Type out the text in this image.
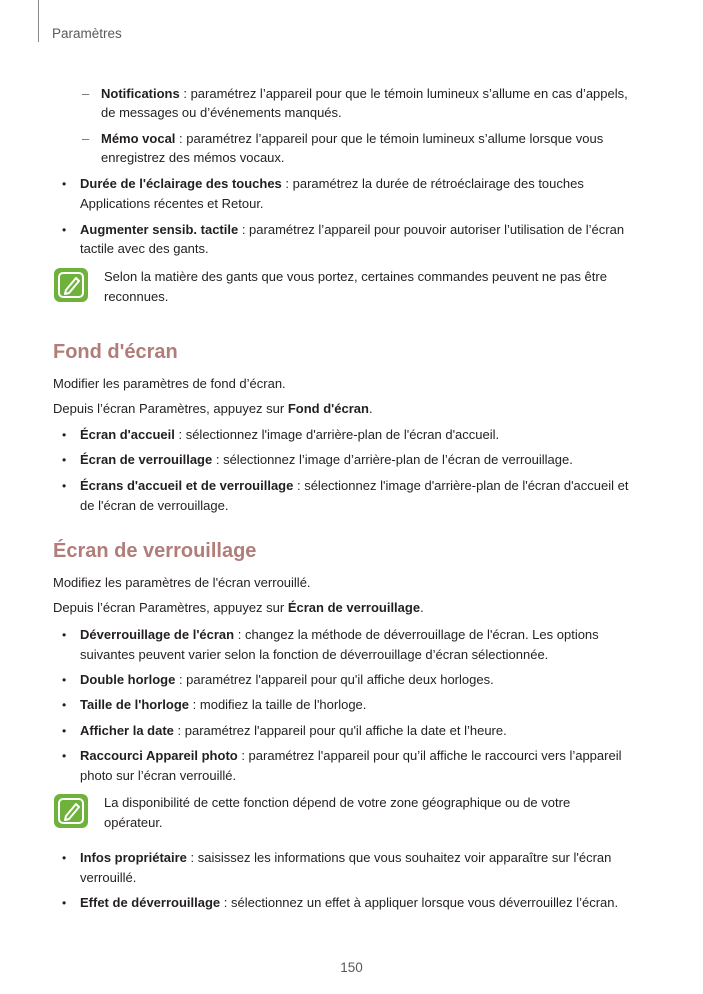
Paramètres
– Notifications : paramétrez l’appareil pour que le témoin lumineux s’allume en cas d’appels,
de messages ou d’événements manqués.
– Mémo vocal : paramétrez l’appareil pour que le témoin lumineux s’allume lorsque vous
enregistrez des mémos vocaux.
• Durée de l'éclairage des touches : paramétrez la durée de rétroéclairage des touches
Applications récentes et Retour.
• Augmenter sensib. tactile : paramétrez l’appareil pour pouvoir autoriser l’utilisation de l’écran
tactile avec des gants.
Selon la matière des gants que vous portez, certaines commandes peuvent ne pas être
reconnues.
Fond d'écran
Modifier les paramètres de fond d’écran.
Depuis l’écran Paramètres, appuyez sur Fond d'écran.
• Écran d'accueil : sélectionnez l'image d'arrière-plan de l'écran d'accueil.
• Écran de verrouillage : sélectionnez l’image d’arrière-plan de l’écran de verrouillage.
• Écrans d'accueil et de verrouillage : sélectionnez l'image d'arrière-plan de l'écran d'accueil et
de l'écran de verrouillage.
Écran de verrouillage
Modifiez les paramètres de l'écran verrouillé.
Depuis l’écran Paramètres, appuyez sur Écran de verrouillage.
• Déverrouillage de l'écran : changez la méthode de déverrouillage de l'écran. Les options
suivantes peuvent varier selon la fonction de déverrouillage d’écran sélectionnée.
• Double horloge : paramétrez l'appareil pour qu'il affiche deux horloges.
• Taille de l'horloge : modifiez la taille de l'horloge.
• Afficher la date : paramétrez l'appareil pour qu'il affiche la date et l’heure.
• Raccourci Appareil photo : paramétrez l'appareil pour qu’il affiche le raccourci vers l’appareil
photo sur l’écran verrouillé.
La disponibilité de cette fonction dépend de votre zone géographique ou de votre
opérateur.
• Infos propriétaire : saisissez les informations que vous souhaitez voir apparaître sur l'écran
verrouillé.
• Effet de déverrouillage : sélectionnez un effet à appliquer lorsque vous déverrouillez l’écran.
150
